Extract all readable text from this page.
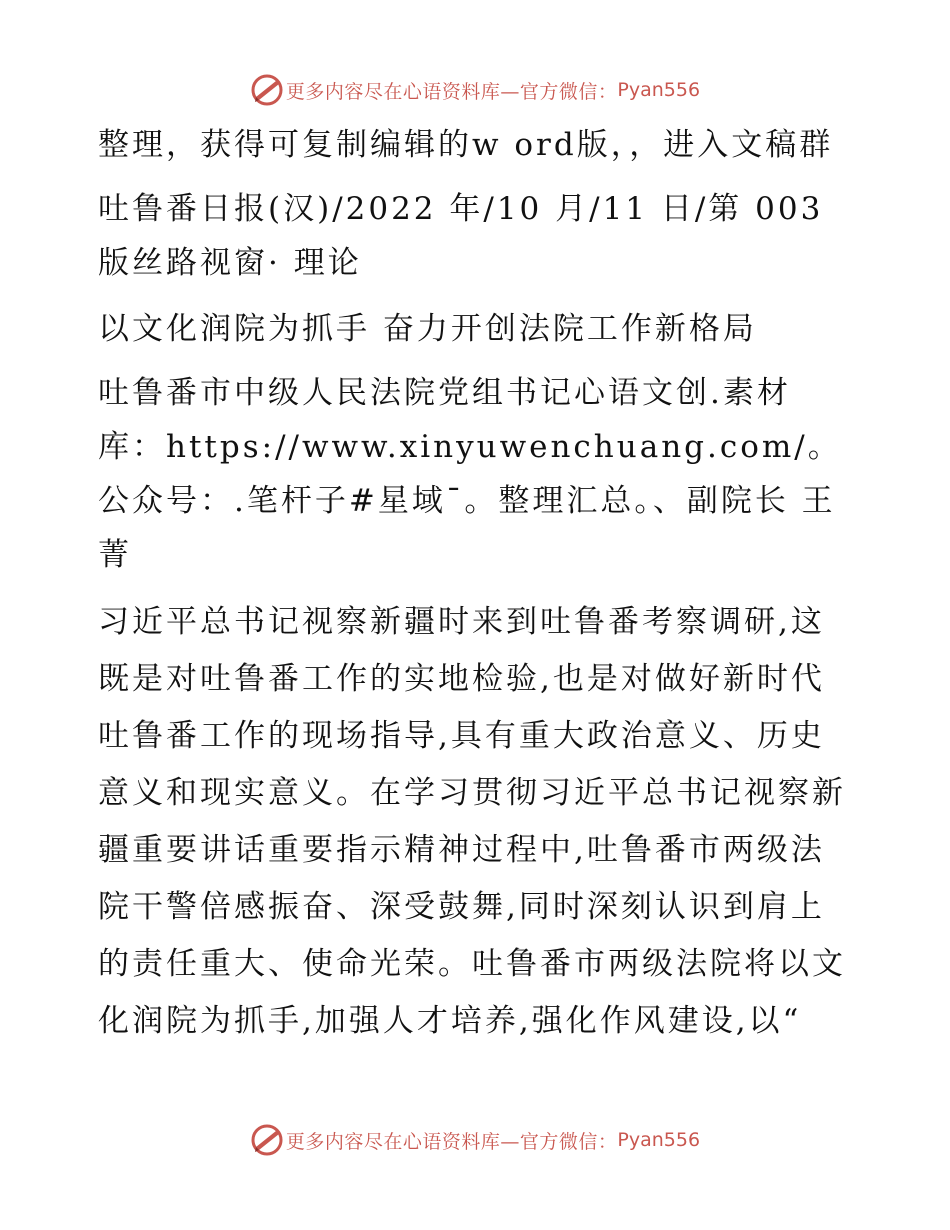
更多内容尽在心语资料库—官方微信： Pyan556

整理，获得可复制编辑的w ord版，，进入文稿群

吐鲁番日报(汉)/2022 年/10 月/11 日/第 003 版丝路视窗· 理论

以文化润院为抓手 奋力开创法院工作新格局

吐鲁番市中级人民法院党组书记心语文创.素材库：https://www.xinyuwenchuang.com/。公众号：.笔杆子#星域¯。整理汇总。、副院长 王菁

习近平总书记视察新疆时来到吐鲁番考察调研,这既是对吐鲁番工作的实地检验,也是对做好新时代吐鲁番工作的现场指导,具有重大政治意义、历史意义和现实意义。在学习贯彻习近平总书记视察新疆重要讲话重要指示精神过程中,吐鲁番市两级法院干警倍感振奋、深受鼓舞,同时深刻认识到肩上的责任重大、使命光荣。吐鲁番市两级法院将以文化润院为抓手,加强人才培养,强化作风建设,以“

更多内容尽在心语资料库—官方微信： Pyan556
